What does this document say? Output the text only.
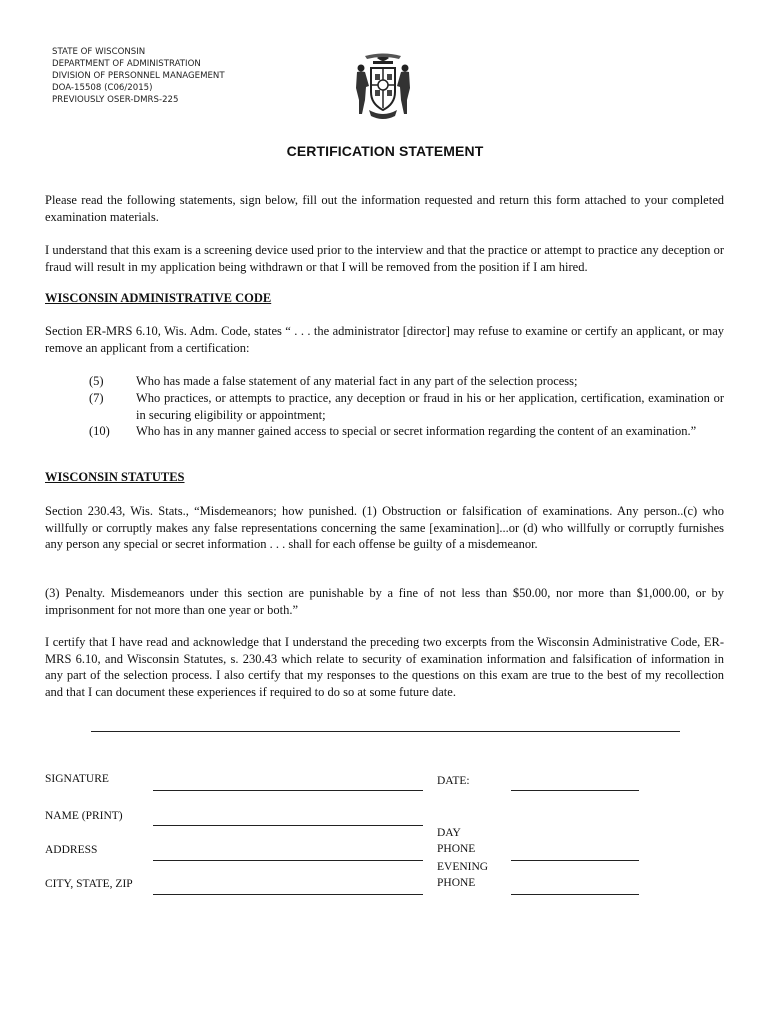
STATE OF WISCONSIN
DEPARTMENT OF ADMINISTRATION
DIVISION OF PERSONNEL MANAGEMENT
DOA-15508 (C06/2015)
PREVIOUSLY OSER-DMRS-225
CERTIFICATION STATEMENT

Please read the following statements, sign below, fill out the information requested and return this form attached to your completed examination materials.

I understand that this exam is a screening device used prior to the interview and that the practice or attempt to practice any deception or fraud will result in my application being withdrawn or that I will be removed from the position if I am hired.

WISCONSIN ADMINISTRATIVE CODE

Section ER-MRS 6.10, Wis. Adm. Code, states “ . . . the administrator [director] may refuse to examine or certify an applicant, or may remove an applicant from a certification:

(5)	Who has made a false statement of any material fact in any part of the selection process;
(7)	Who practices, or attempts to practice, any deception or fraud in his or her application, certification, examination or in securing eligibility or appointment;
(10)	Who has in any manner gained access to special or secret information regarding the content of an examination.”
WISCONSIN STATUTES

Section 230.43, Wis. Stats., “Misdemeanors; how punished. (1) Obstruction or falsification of examinations. Any person..(c) who willfully or corruptly makes any false representations concerning the same [examination]...or (d) who willfully or corruptly furnishes any person any special or secret information . . . shall for each offense be guilty of a misdemeanor.

(3) Penalty. Misdemeanors under this section are punishable by a fine of not less than $50.00, nor more than $1,000.00, or by imprisonment for not more than one year or both.”

I certify that I have read and acknowledge that I understand the preceding two excerpts from the Wisconsin Administrative Code, ER-MRS 6.10, and Wisconsin Statutes, s. 230.43 which relate to security of examination information and falsification of information in any part of the selection process. I also certify that my responses to the questions on this exam are true to the best of my recollection and that I can document these experiences if required to do so at some future date.

SIGNATURE	DATE:
NAME (PRINT)
DAY
PHONE
ADDRESS
EVENING
PHONE
CITY, STATE, ZIP
